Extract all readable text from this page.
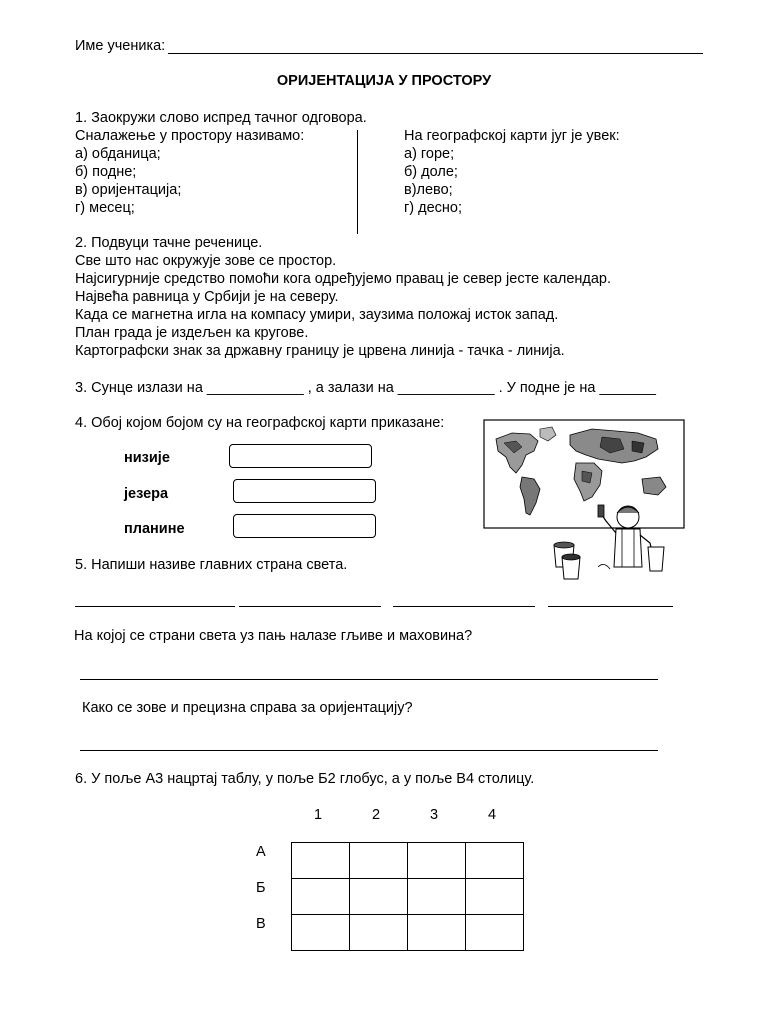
Име ученика:
ОРИЈЕНТАЦИЈА У ПРОСТОРУ
1. Заокружи слово испред тачног одговора.
Сналажење у простору називамо:
а) обданица;
б) подне;
в) оријентација;
г) месец;
На географској карти југ је увек:
а) горе;
б) доле;
в)лево;
г) десно;
2. Подвуци тачне реченице.
Све што нас окружује зове се простор.
Најсигурније средство помоћи кога одређујемо правац је север јесте календар.
Највећа равница у Србији је на северу.
Када се магнетна игла на компасу умири, заузима положај исток запад.
План града је издељен ка кругове.
Картографски знак за државну границу је црвена линија - тачка - линија.
3. Сунце излази на ____________ , а залази на ____________ . У подне је на _______
4. Обој којом бојом су на географској карти приказане:
низије
језера
планине
5. Напиши називе главних страна света.
На којој се страни света уз пањ налазе гљиве и маховина?
Како се зове и прецизна справа за оријентацију?
6. У поље А3 нацртај таблу, у поље Б2 глобус, а у поље В4 столицу.
1	2	3	4
А
Б
В
